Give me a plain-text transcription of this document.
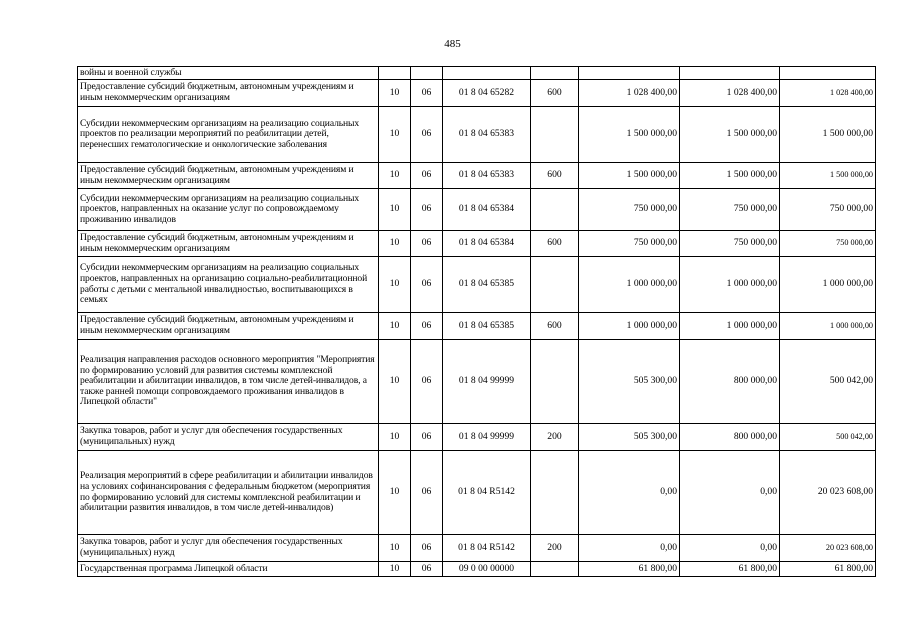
485
войны и военной службы							
Предоставление субсидий бюджетным, автономным учреждениям и иным некоммерческим организациям	10	06	01 8 04 65282	600	1 028 400,00	1 028 400,00	1 028 400,00
Субсидии некоммерческим организациям на реализацию социальных проектов по реализации мероприятий по реабилитации детей, перенесших гематологические и онкологические заболевания	10	06	01 8 04 65383		1 500 000,00	1 500 000,00	1 500 000,00
Предоставление субсидий бюджетным, автономным учреждениям и иным некоммерческим организациям	10	06	01 8 04 65383	600	1 500 000,00	1 500 000,00	1 500 000,00
Субсидии некоммерческим организациям на реализацию социальных проектов, направленных на оказание услуг по сопровождаемому проживанию инвалидов	10	06	01 8 04 65384		750 000,00	750 000,00	750 000,00
Предоставление субсидий бюджетным, автономным учреждениям и иным некоммерческим организациям	10	06	01 8 04 65384	600	750 000,00	750 000,00	750 000,00
Субсидии некоммерческим организациям на реализацию социальных проектов, направленных на организацию социально-реабилитационной работы с детьми с ментальной инвалидностью, воспитывающихся в семьях	10	06	01 8 04 65385		1 000 000,00	1 000 000,00	1 000 000,00
Предоставление субсидий бюджетным, автономным учреждениям и иным некоммерческим организациям	10	06	01 8 04 65385	600	1 000 000,00	1 000 000,00	1 000 000,00
Реализация направления расходов основного мероприятия "Мероприятия по формированию условий для развития системы комплексной реабилитации и абилитации инвалидов, в том числе детей-инвалидов, а также ранней помощи сопровождаемого проживания инвалидов в Липецкой области"	10	06	01 8 04 99999		505 300,00	800 000,00	500 042,00
Закупка товаров, работ и услуг для обеспечения государственных (муниципальных) нужд	10	06	01 8 04 99999	200	505 300,00	800 000,00	500 042,00
Реализация мероприятий в сфере реабилитации и абилитации инвалидов на условиях софинансирования с федеральным бюджетом (мероприятия по формированию условий для системы комплексной реабилитации и абилитации развития инвалидов, в том числе детей-инвалидов)	10	06	01 8 04 R5142		0,00	0,00	20 023 608,00
Закупка товаров, работ и услуг для обеспечения государственных (муниципальных) нужд	10	06	01 8 04 R5142	200	0,00	0,00	20 023 608,00
Государственная программа Липецкой области	10	06	09 0 00 00000		61 800,00	61 800,00	61 800,00
